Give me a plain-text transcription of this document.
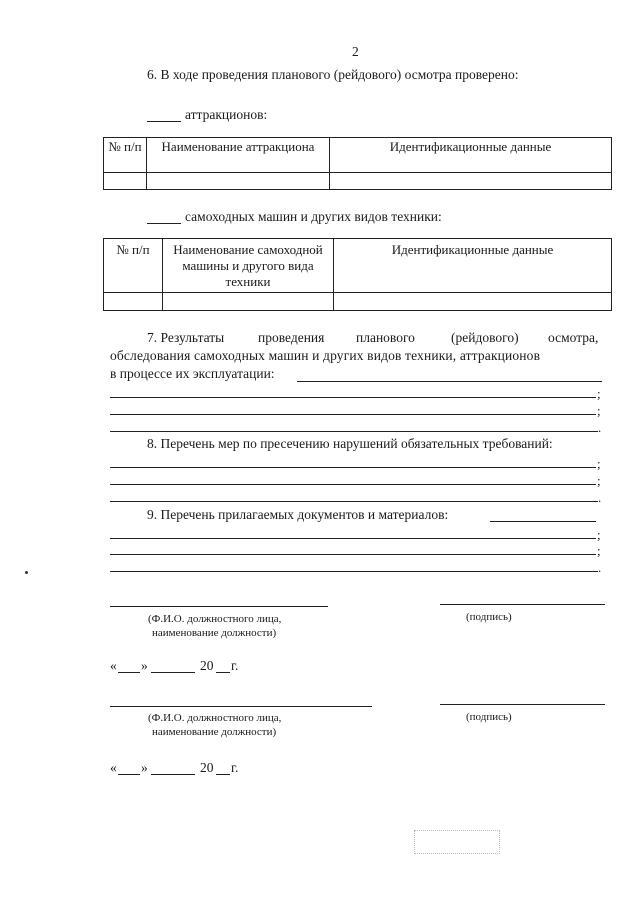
2
6. В ходе проведения планового (рейдового) осмотра проверено:
аттракционов:
№ п/п	Наименование аттракциона	Идентификационные данные

самоходных машин и других видов техники:
№ п/п	Наименование самоходной машины и другого вида техники	Идентификационные данные

7. Результаты	проведения планового	(рейдового) осмотра,
обследования самоходных машин и других видов техники, аттракционов
в процессе их эксплуатации:
;
;
.
8. Перечень мер по пресечению нарушений обязательных требований:
;
;
.
9. Перечень прилагаемых документов и материалов:
;
;
.
(Ф.И.О. должностного лица,
наименование должности)
(подпись)
« »	20 г.
(Ф.И.О. должностного лица,
наименование должности)
(подпись)
« »	20 г.
